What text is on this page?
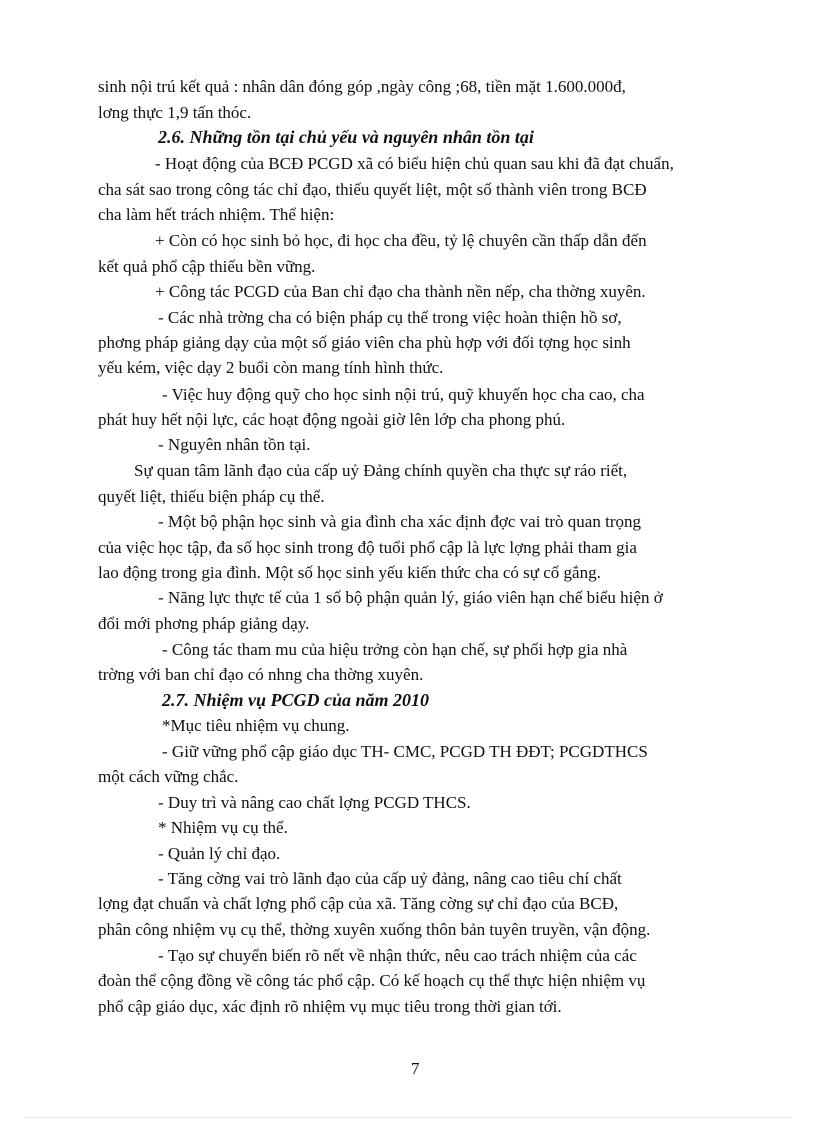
sinh nội trú kết quả : nhân dân đóng góp ,ngày công ;68, tiền mặt 1.600.000đ,
lơng thực 1,9 tấn thóc.
2.6. Những tồn tại chủ yếu và nguyên nhân tồn tại
- Hoạt động của BCĐ PCGD xã có biểu hiện chủ quan sau khi đã đạt chuẩn,
cha sát sao trong công tác chỉ đạo, thiếu quyết liệt, một số thành viên trong BCĐ
cha làm hết trách nhiệm. Thể hiện:
+ Còn có học sinh bỏ học, đi học cha đều, tỷ lệ chuyên cần thấp dẫn đến
kết quả phổ cập thiếu bền vững.
+ Công tác PCGD của Ban chỉ đạo cha thành nền nếp, cha thờng xuyên.
- Các nhà trờng cha có biện pháp cụ thể trong việc hoàn thiện hồ sơ,
phơng pháp giảng dạy của một số giáo viên cha phù hợp với đối tợng học sinh
yếu kém, việc dạy 2 buổi còn mang tính hình thức.
- Việc huy động quỹ cho học sinh nội trú, quỹ khuyến học cha cao, cha
phát huy hết nội lực, các hoạt động ngoài giờ lên lớp cha phong phú.
- Nguyên nhân tồn tại.
Sự quan tâm lãnh đạo của cấp uỷ Đảng chính quyền cha thực sự ráo riết,
quyết liệt, thiếu biện pháp cụ thể.
- Một bộ phận học sinh và gia đình cha xác định đợc vai trò quan trọng
của việc học tập, đa số học sinh trong độ tuổi phổ cập là lực lợng phải tham gia
lao động trong gia đình. Một số học sinh yếu kiến thức cha có sự cố gắng.
- Năng lực thực tế của 1 số bộ phận quản lý, giáo viên hạn chế biểu hiện ở
đổi mới phơng pháp giảng dạy.
- Công tác tham mu của hiệu trởng còn hạn chế, sự phối hợp gia nhà
trờng với ban chỉ đạo có nhng cha thờng xuyên.
2.7. Nhiệm vụ PCGD của năm 2010
*Mục tiêu nhiệm vụ chung.
- Giữ vững phổ cập giáo dục TH- CMC, PCGD TH ĐĐT; PCGDTHCS
một cách vững chắc.
- Duy trì và nâng cao chất lợng PCGD THCS.
* Nhiệm vụ cụ thể.
- Quản lý chỉ đạo.
- Tăng cờng vai trò lãnh đạo của cấp uỷ đảng, nâng cao tiêu chí chất
lợng đạt chuẩn và chất lợng phổ cập của xã. Tăng cờng sự chỉ đạo của BCĐ,
phân công nhiệm vụ cụ thể, thờng xuyên xuống thôn bản tuyên truyền, vận động.
- Tạo sự chuyển biến rõ nết về nhận thức, nêu cao trách nhiệm của các
đoàn thể cộng đồng về công tác phổ cập. Có kế hoạch cụ thể thực hiện nhiệm vụ
phổ cập giáo dục, xác định rõ nhiệm vụ mục tiêu trong thời gian tới.
7
